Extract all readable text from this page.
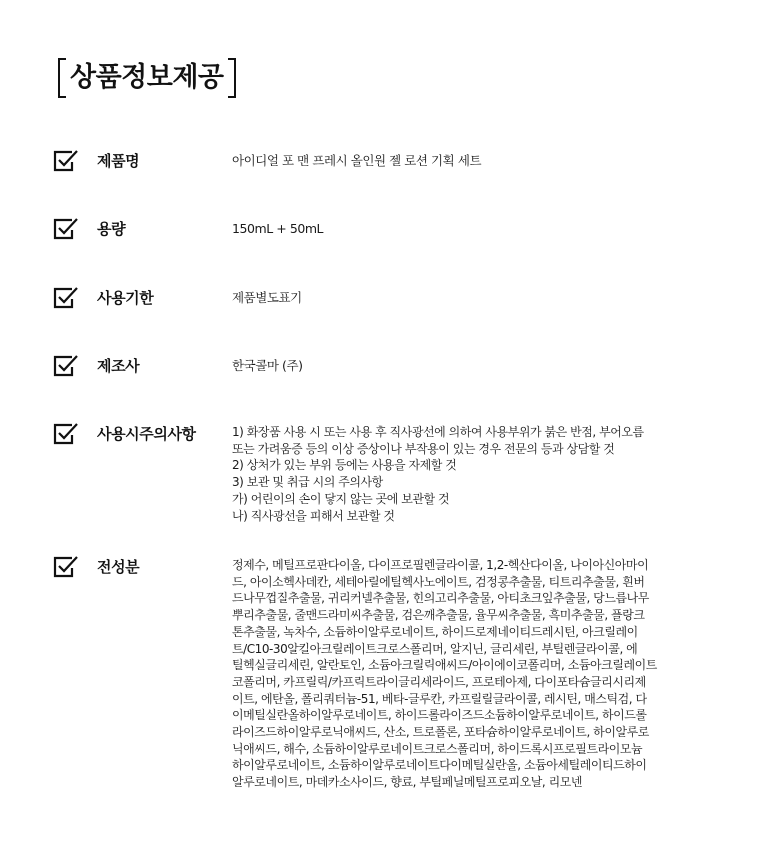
상품정보제공
제품명	아이디얼 포 맨 프레시 올인원 젤 로션 기획 세트
용량	150mL + 50mL
사용기한	제품별도표기
제조사	한국콜마 (주)
사용시주의사항	1) 화장품 사용 시 또는 사용 후 직사광선에 의하여 사용부위가 붉은 반점, 부어오름
또는 가려움증 등의 이상 증상이나 부작용이 있는 경우 전문의 등과 상담할 것
2) 상처가 있는 부위 등에는 사용을 자제할 것
3) 보관 및 취급 시의 주의사항
가) 어린이의 손이 닿지 않는 곳에 보관할 것
나) 직사광선을 피해서 보관할 것
전성분	정제수, 메틸프로판다이올, 다이프로필렌글라이콜, 1,2-헥산다이올, 나이아신아마이
드, 아이소헥사데칸, 세테아릴에틸헥사노에이트, 검정콩추출물, 티트리추출물, 흰버
드나무껍질추출물, 귀리커넬추출물, 힌의고리추출물, 아티초크잎추출물, 당느릅나무
뿌리추출물, 줄맨드라미씨추출물, 검은깨추출물, 율무씨추출물, 흑미추출물, 플랑크
톤추출물, 녹차수, 소듐하이알루로네이트, 하이드로제네이티드레시틴, 아크릴레이
트/C10-30알킬아크릴레이트크로스폴리머, 알지닌, 글리세린, 부틸렌글라이콜, 에
틸헥실글리세린, 알란토인, 소듐아크릴릭애씨드/아이에이코폴리머, 소듐아크릴레이트
코폴리머, 카프릴릭/카프릭트라이글리세라이드, 프로테아제, 다이포타슘글리시리제
이트, 에탄올, 폴리쿼터늄-51, 베타-글루칸, 카프릴릴글라이콜, 레시틴, 매스틱검, 다
이메틸실란올하이알루로네이트, 하이드롤라이즈드소듐하이알루로네이트, 하이드롤
라이즈드하이알루로닉애씨드, 산소, 트로폴론, 포타슘하이알루로네이트, 하이알루로
닉애씨드, 해수, 소듐하이알루로네이트크로스폴리머, 하이드록시프로필트라이모늄
하이알루로네이트, 소듐하이알루로네이트다이메틸실란올, 소듐아세틸레이티드하이
알루로네이트, 마데카소사이드, 향료, 부틸페닐메틸프로피오날, 리모넨
